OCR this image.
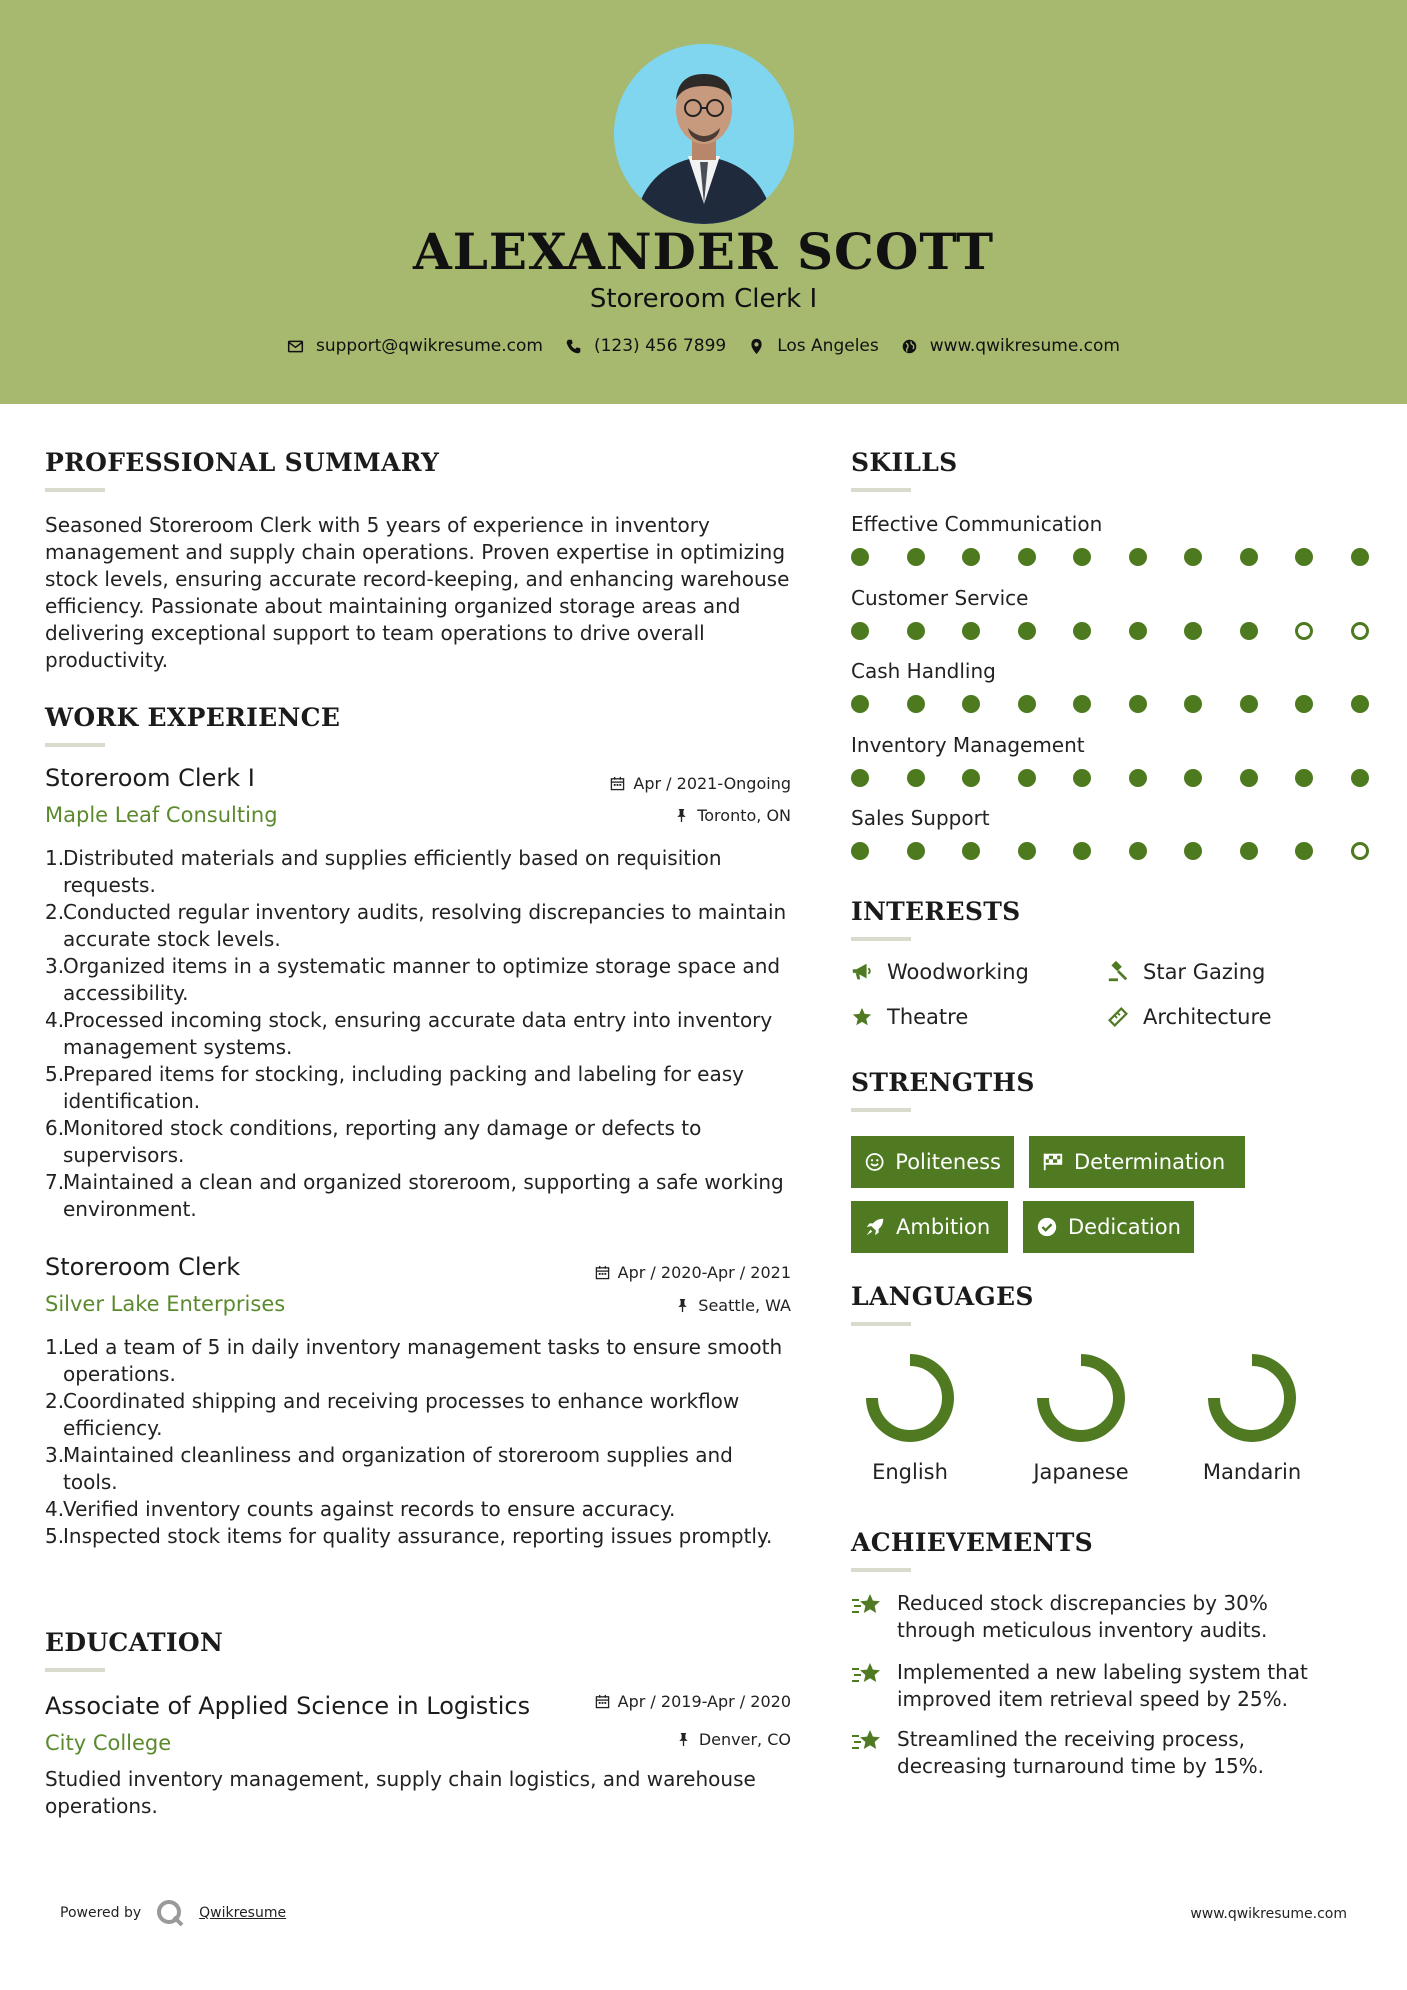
ALEXANDER SCOTT
Storeroom Clerk I
support@qwikresume.com	(123) 456 7899	Los Angeles	www.qwikresume.com
PROFESSIONAL SUMMARY

Seasoned Storeroom Clerk with 5 years of experience in inventory management and supply chain operations. Proven expertise in optimizing stock levels, ensuring accurate record-keeping, and enhancing warehouse efficiency. Passionate about maintaining organized storage areas and delivering exceptional support to team operations to drive overall productivity.

WORK EXPERIENCE
Storeroom Clerk I	Apr / 2021-Ongoing
Maple Leaf Consulting	Toronto, ON
1.
Distributed materials and supplies efficiently based on requisition requests.
2.
Conducted regular inventory audits, resolving discrepancies to maintain accurate stock levels.
3.
Organized items in a systematic manner to optimize storage space and accessibility.
4.
Processed incoming stock, ensuring accurate data entry into inventory management systems.
5.
Prepared items for stocking, including packing and labeling for easy identification.
6.
Monitored stock conditions, reporting any damage or defects to supervisors.
7.
Maintained a clean and organized storeroom, supporting a safe working environment.
Storeroom Clerk	Apr / 2020-Apr / 2021
Silver Lake Enterprises	Seattle, WA
1.
Led a team of 5 in daily inventory management tasks to ensure smooth operations.
2.
Coordinated shipping and receiving processes to enhance workflow efficiency.
3.
Maintained cleanliness and organization of storeroom supplies and tools.
4.
Verified inventory counts against records to ensure accuracy.
5.
Inspected stock items for quality assurance, reporting issues promptly.
EDUCATION
Associate of Applied Science in Logistics	Apr / 2019-Apr / 2020
City College	Denver, CO

Studied inventory management, supply chain logistics, and warehouse operations.

SKILLS
Effective Communication
Customer Service
Cash Handling
Inventory Management
Sales Support
INTERESTS
Woodworking	Star Gazing
Theatre	Architecture
STRENGTHS
Politeness	Determination
Ambition	Dedication
LANGUAGES
English	Japanese	Mandarin
ACHIEVEMENTS
Reduced stock discrepancies by 30% through meticulous inventory audits.
Implemented a new labeling system that improved item retrieval speed by 25%.
Streamlined the receiving process, decreasing turnaround time by 15%.
Powered by	Qwikresume	www.qwikresume.com
